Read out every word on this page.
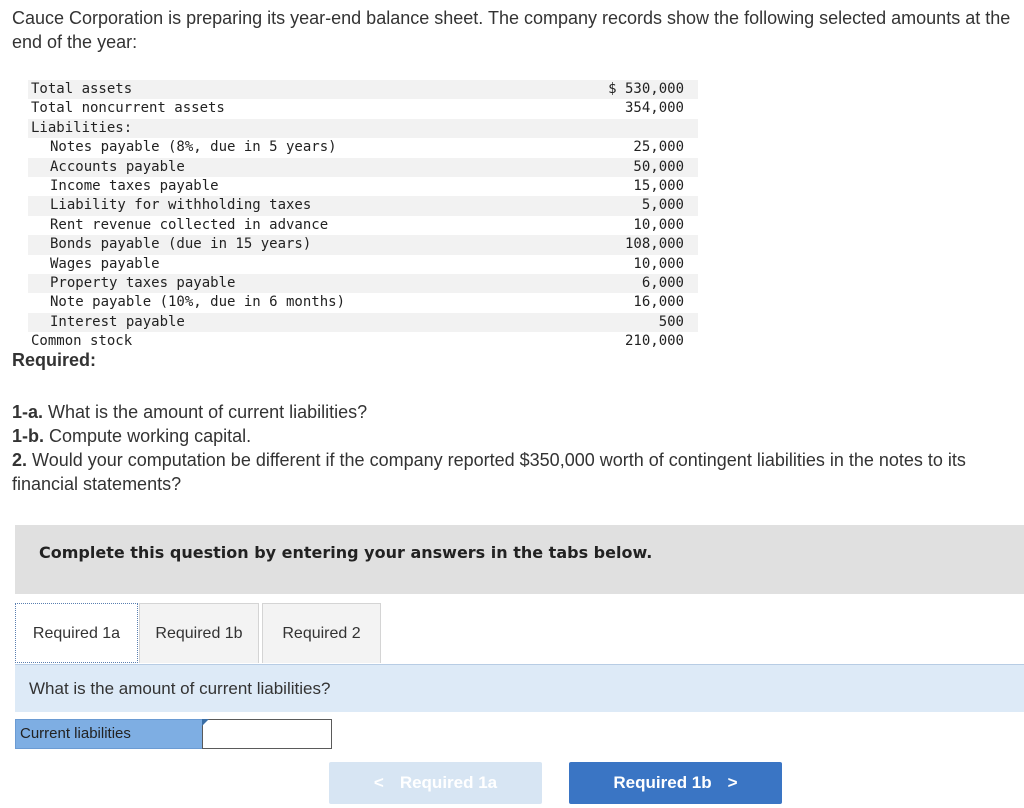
Cauce Corporation is preparing its year-end balance sheet. The company records show the following selected amounts at the end of the year:
Total assets	$ 530,000
Total noncurrent assets	354,000
Liabilities:
Notes payable (8%, due in 5 years)	25,000
Accounts payable	50,000
Income taxes payable	15,000
Liability for withholding taxes	5,000
Rent revenue collected in advance	10,000
Bonds payable (due in 15 years)	108,000
Wages payable	10,000
Property taxes payable	6,000
Note payable (10%, due in 6 months)	16,000
Interest payable	500
Common stock	210,000
Required:
1-a. What is the amount of current liabilities?
1-b. Compute working capital.
2. Would your computation be different if the company reported $350,000 worth of contingent liabilities in the notes to its financial statements?
Complete this question by entering your answers in the tabs below.
Required 1a	Required 1b	Required 2
What is the amount of current liabilities?
Current liabilities
< Required 1a	Required 1b >
